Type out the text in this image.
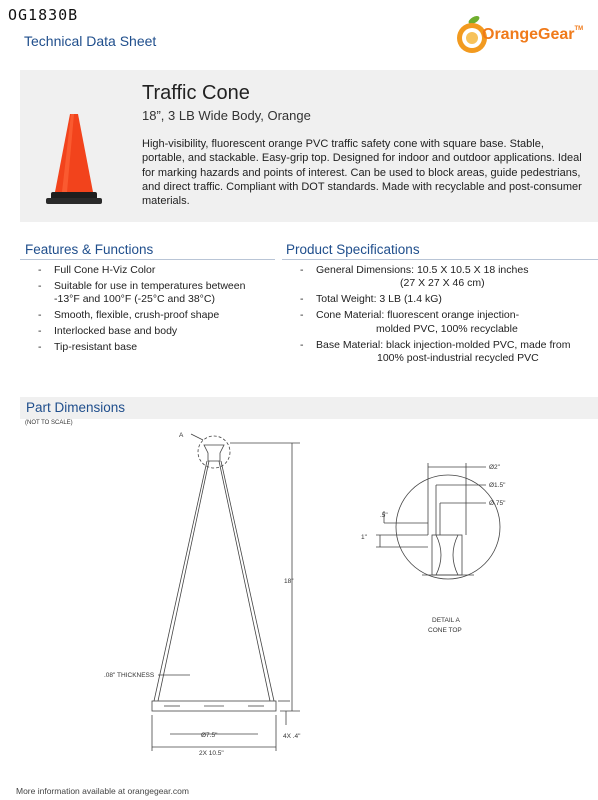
OG1830B
Technical Data Sheet	OrangeGear™
Traffic Cone
18”, 3 LB Wide Body, Orange
High-visibility, fluorescent orange PVC traffic safety cone with square base. Stable, portable, and stackable. Easy-grip top. Designed for indoor and outdoor applications. Ideal for marking hazards and points of interest. Can be used to block areas, guide pedestrians, and direct traffic. Compliant with DOT standards. Made with recyclable and post-consumer materials.
Features & Functions	Product Specifications
- Full Cone H-Viz Color
- Suitable for use in temperatures between
-13°F and 100°F (-25°C and 38°C)
- Smooth, flexible, crush-proof shape
- Interlocked base and body
- Tip-resistant base
- General Dimensions: 10.5 X 10.5 X 18 inches
(27 X 27 X 46 cm)
- Total Weight: 3 LB (1.4 kG)
- Cone Material: fluorescent orange injection-
molded PVC, 100% recyclable
- Base Material: black injection-molded PVC, made from
100% post-industrial recycled PVC
Part Dimensions
(NOT TO SCALE)
A
18"
.08" THICKNESS
Ø7.5"
2X 10.5"
4X .4"
Ø2"
Ø1.5"
Ø.75"
.5"
1"
DETAIL A
CONE TOP
More information available at orangegear.com
